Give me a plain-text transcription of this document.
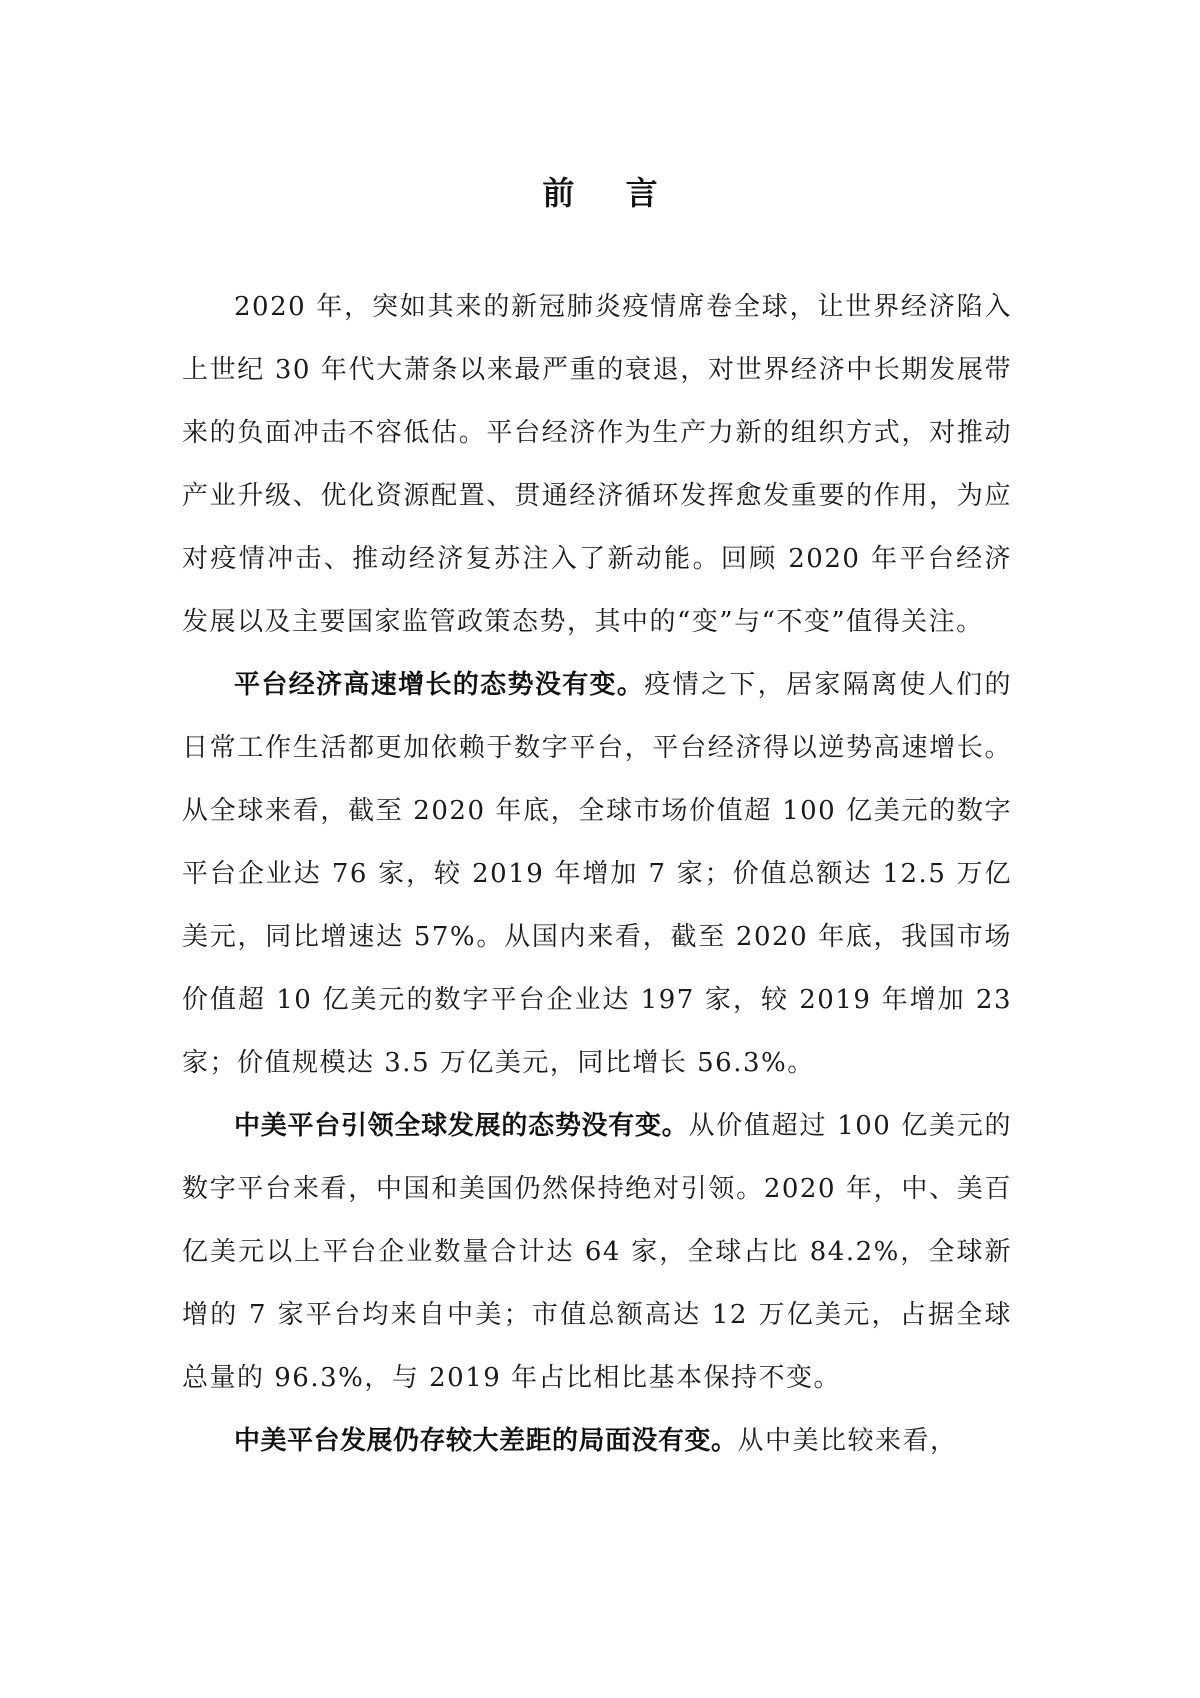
前 言

2020 年，突如其来的新冠肺炎疫情席卷全球，让世界经济陷入上世纪 30 年代大萧条以来最严重的衰退，对世界经济中长期发展带来的负面冲击不容低估。平台经济作为生产力新的组织方式，对推动产业升级、优化资源配置、贯通经济循环发挥愈发重要的作用，为应对疫情冲击、推动经济复苏注入了新动能。回顾 2020 年平台经济发展以及主要国家监管政策态势，其中的“变”与“不变”值得关注。

平台经济高速增长的态势没有变。疫情之下，居家隔离使人们的日常工作生活都更加依赖于数字平台，平台经济得以逆势高速增长。从全球来看，截至 2020 年底，全球市场价值超 100 亿美元的数字平台企业达 76 家，较 2019 年增加 7 家；价值总额达 12.5 万亿美元，同比增速达 57%。从国内来看，截至 2020 年底，我国市场价值超 10 亿美元的数字平台企业达 197 家，较 2019 年增加 23 家；价值规模达 3.5 万亿美元，同比增长 56.3%。

中美平台引领全球发展的态势没有变。从价值超过 100 亿美元的数字平台来看，中国和美国仍然保持绝对引领。2020 年，中、美百亿美元以上平台企业数量合计达 64 家，全球占比 84.2%，全球新增的 7 家平台均来自中美；市值总额高达 12 万亿美元，占据全球总量的 96.3%，与 2019 年占比相比基本保持不变。

中美平台发展仍存较大差距的局面没有变。从中美比较来看，
